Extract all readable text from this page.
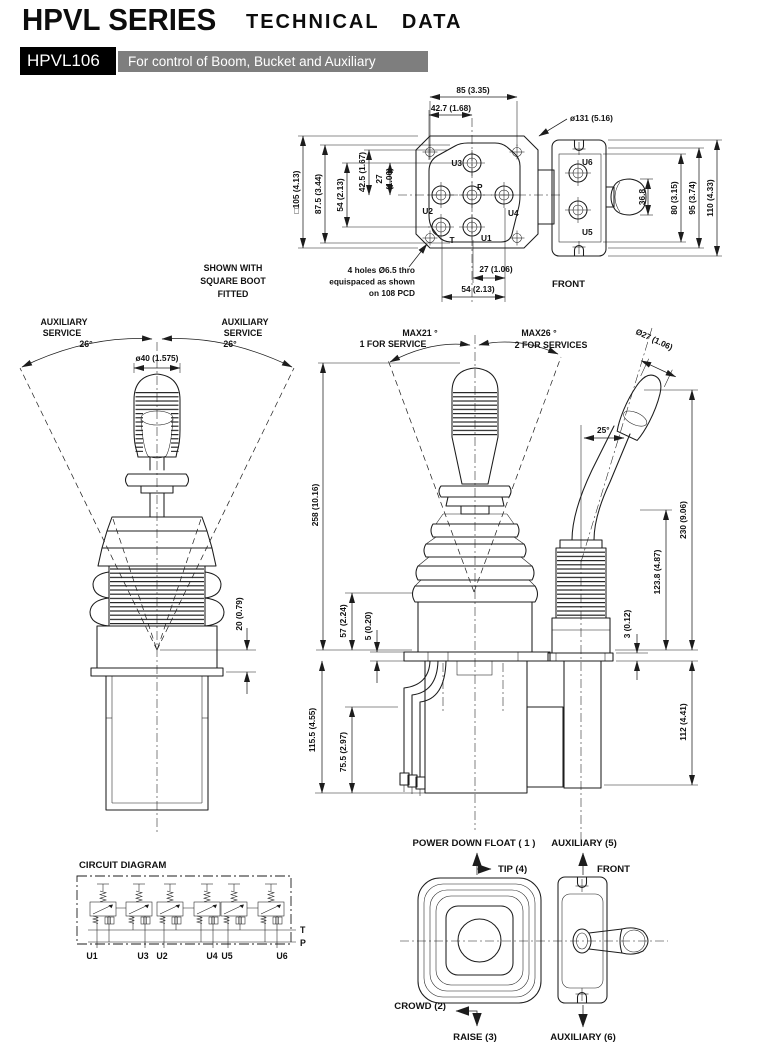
HPVL SERIES TECHNICAL   DATA
HPVL106	For control of Boom, Bucket and Auxiliary
U3
P
U2	U4
T	U1
85 (3.35)
42.7 (1.68)
□105 (4.13) 87.5 (3.44) 54 (2.13)
42.5 (1.67) 27 (1.06)
27 (1.06)
54 (2.13)
4 holes Ø6.5 thro
equispaced as shown
on 108 PCD
ø131 (5.16)
U6
U5
36.8	80 (3.15) 95 (3.74) 110 (4.33)
FRONT
SHOWN WITH
SQUARE BOOT
FITTED
AUXILIARY
SERVICE
26°
AUXILIARY
SERVICE
26°
ø40 (1.575)
20 (0.79)
MAX21 °
1 FOR SERVICE
MAX26 °
2 FOR SERVICES
258 (10.16)
57 (2.24) 5 (0.20)
115.5 (4.55)	75.5 (2.97)
Ø27 (1.06)
25°
230 (9.06)
123.8 (4.87)
3 (0.12)
112 (4.41)
CIRCUIT DIAGRAM
T
P
U1	U3 U2	U4 U5	U6
POWER DOWN FLOAT ( 1 )
TIP (4)
AUXILIARY (5)
FRONT
CROWD (2)
RAISE (3)	AUXILIARY (6)
